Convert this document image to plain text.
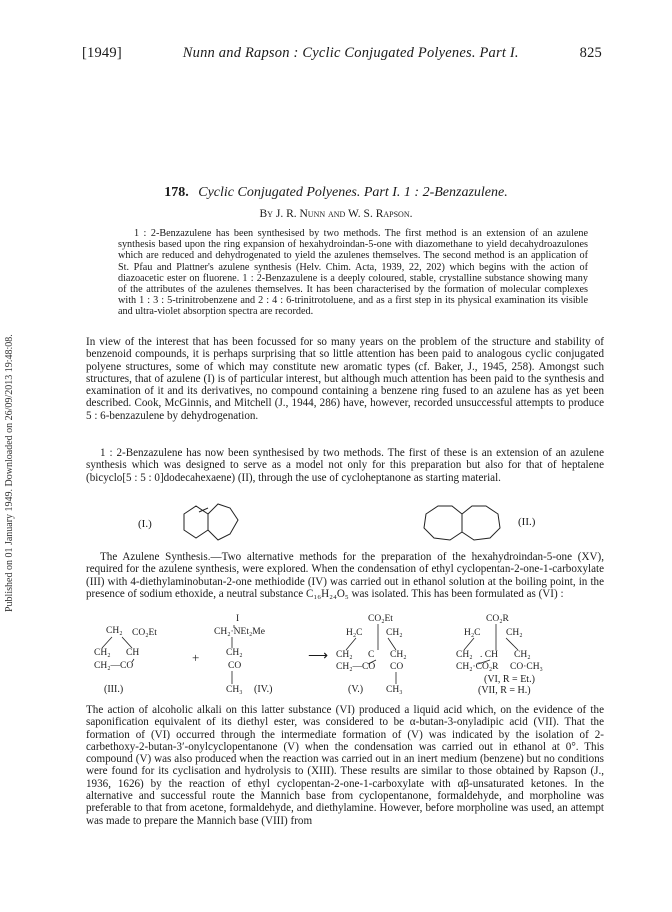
[1949]	Nunn and Rapson : Cyclic Conjugated Polyenes. Part I.	825
Published on 01 January 1949. Downloaded on 26/09/2013 19:48:08.
178. Cyclic Conjugated Polyenes. Part I. 1 : 2-Benzazulene.
By J. R. Nunn and W. S. Rapson.
1 : 2-Benzazulene has been synthesised by two methods. The first method is an extension of an azulene synthesis based upon the ring expansion of hexahydroindan-5-one with diazomethane to yield decahydroazulones which are reduced and dehydrogenated to yield the azulenes themselves. The second method is an application of St. Pfau and Plattner's azulene synthesis (Helv. Chim. Acta, 1939, 22, 202) which begins with the action of diazoacetic ester on fluorene. 1 : 2-Benzazulene is a deeply coloured, stable, crystalline substance showing many of the attributes of the azulenes themselves. It has been characterised by the formation of molecular complexes with 1 : 3 : 5-trinitrobenzene and 2 : 4 : 6-trinitrotoluene, and as a first step in its physical examination its visible and ultra-violet absorption spectra are recorded.
In view of the interest that has been focussed for so many years on the problem of the structure and stability of benzenoid compounds, it is perhaps surprising that so little attention has been paid to analogous cyclic conjugated polyene structures, some of which may constitute new aromatic types (cf. Baker, J., 1945, 258). Amongst such structures, that of azulene (I) is of particular interest, but although much attention has been paid to the synthesis and examination of it and its derivatives, no compound containing a benzene ring fused to an azulene has as yet been described. Cook, McGinnis, and Mitchell (J., 1944, 286) have, however, recorded unsuccessful attempts to produce 5 : 6-benzazulene by dehydrogenation.
1 : 2-Benzazulene has now been synthesised by two methods. The first of these is an extension of an azulene synthesis which was designed to serve as a model not only for this preparation but also for that of heptalene (bicyclo[5 : 5 : 0]dodecahexaene) (II), through the use of cycloheptanone as starting material.
(I.)	(II.)
The Azulene Synthesis.—Two alternative methods for the preparation of the hexahydroindan-5-one (XV), required for the azulene synthesis, were explored. When the condensation of ethyl cyclopentan-2-one-1-carboxylate (III) with 4-diethylaminobutan-2-one methiodide (IV) was carried out in ethanol solution at the boiling point, in the presence of sodium ethoxide, a neutral substance C₁₆H₂₄O₅ was isolated. This has been formulated as (VI) :
CH₂ CO₂Et
CH₂ CH
CH₂—CO
(III.)
+
I
CH₂·NEt₂Me
CH₂
CO
CH₃ (IV.)
⟶
CO₂Et
H₂C CH₂
CH₂ C CH₂
CH₂—CO CO
(V.) CH₃
CO₂R
H₂C	CH₂
CH₂ . CH CH₂
CH₂·CO₂R CO·CH₃
(VI, R = Et.)
(VII, R = H.)
The action of alcoholic alkali on this latter substance (VI) produced a liquid acid which, on the evidence of the saponification equivalent of its diethyl ester, was considered to be α-butan-3-onyladipic acid (VII). That the formation of (VI) occurred through the intermediate formation of (V) was indicated by the isolation of 2-carbethoxy-2-butan-3′-onylcyclopentanone (V) when the condensation was carried out in ethanol at 0°. This compound (V) was also produced when the reaction was carried out in an inert medium (benzene) but no conditions were found for its cyclisation and hydrolysis to (XIII). These results are similar to those obtained by Rapson (J., 1936, 1626) by the reaction of ethyl cyclopentan-2-one-1-carboxylate with αβ-unsaturated ketones. In the alternative and successful route the Mannich base from cyclopentanone, formaldehyde, and morpholine was preferable to that from acetone, formaldehyde, and diethylamine. However, before morpholine was used, an attempt was made to prepare the Mannich base (VIII) from
